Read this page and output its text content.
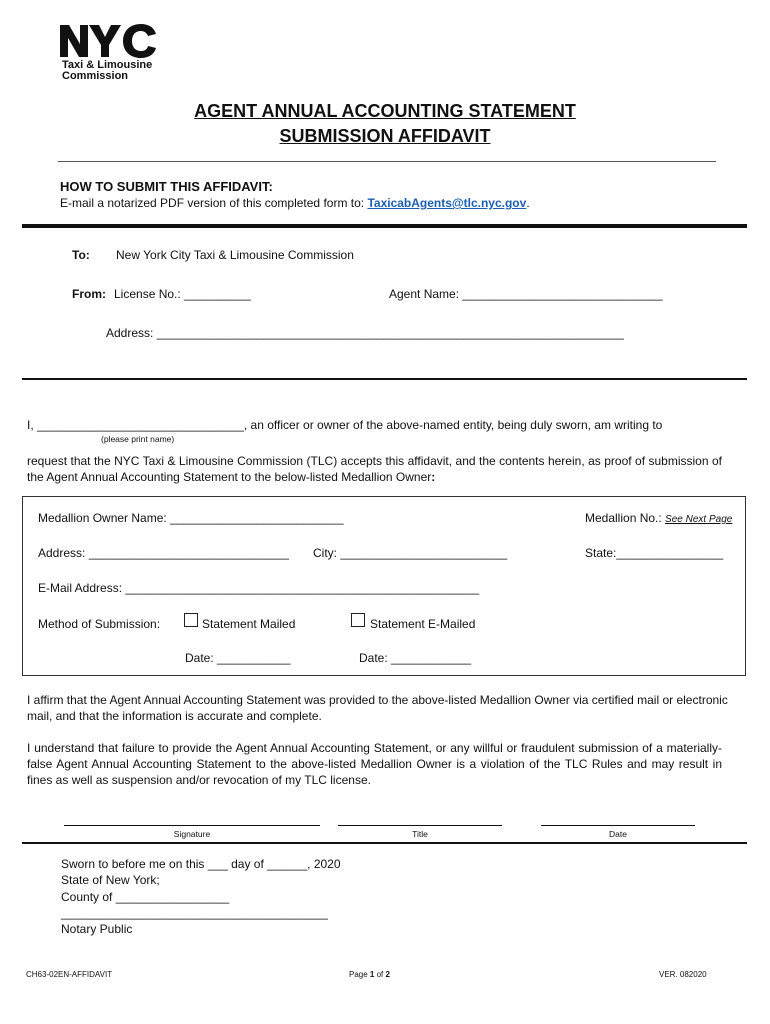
NYC
Taxi & Limousine
Commission
AGENT ANNUAL ACCOUNTING STATEMENT
SUBMISSION AFFIDAVIT
HOW TO SUBMIT THIS AFFIDAVIT:
E-mail a notarized PDF version of this completed form to: TaxicabAgents@tlc.nyc.gov.
To: New York City Taxi & Limousine Commission
From: License No.: __________	Agent Name: ______________________________
Address: ______________________________________________________________________
I, _______________________________, an officer or owner of the above-named entity, being duly sworn, am writing to
(please print name)
request that the NYC Taxi & Limousine Commission (TLC) accepts this affidavit, and the contents herein, as proof of submission of the Agent Annual Accounting Statement to the below-listed Medallion Owner:
Medallion Owner Name: __________________________	Medallion No.: See Next Page
Address: ______________________________ City: _________________________	State:________________
E-Mail Address: _____________________________________________________
Method of Submission:	Statement Mailed	Statement E-Mailed
Date: ___________	Date: ____________
I affirm that the Agent Annual Accounting Statement was provided to the above-listed Medallion Owner via certified mail or electronic mail, and that the information is accurate and complete.
I understand that failure to provide the Agent Annual Accounting Statement, or any willful or fraudulent submission of a materially-false Agent Annual Accounting Statement to the above-listed Medallion Owner is a violation of the TLC Rules and may result in fines as well as suspension and/or revocation of my TLC license.
Signature	Title	Date
Sworn to before me on this ___ day of ______, 2020
State of New York;
County of _________________
________________________________________
Notary Public
CH63-02EN-AFFIDAVIT	Page 1 of 2	VER. 082020
